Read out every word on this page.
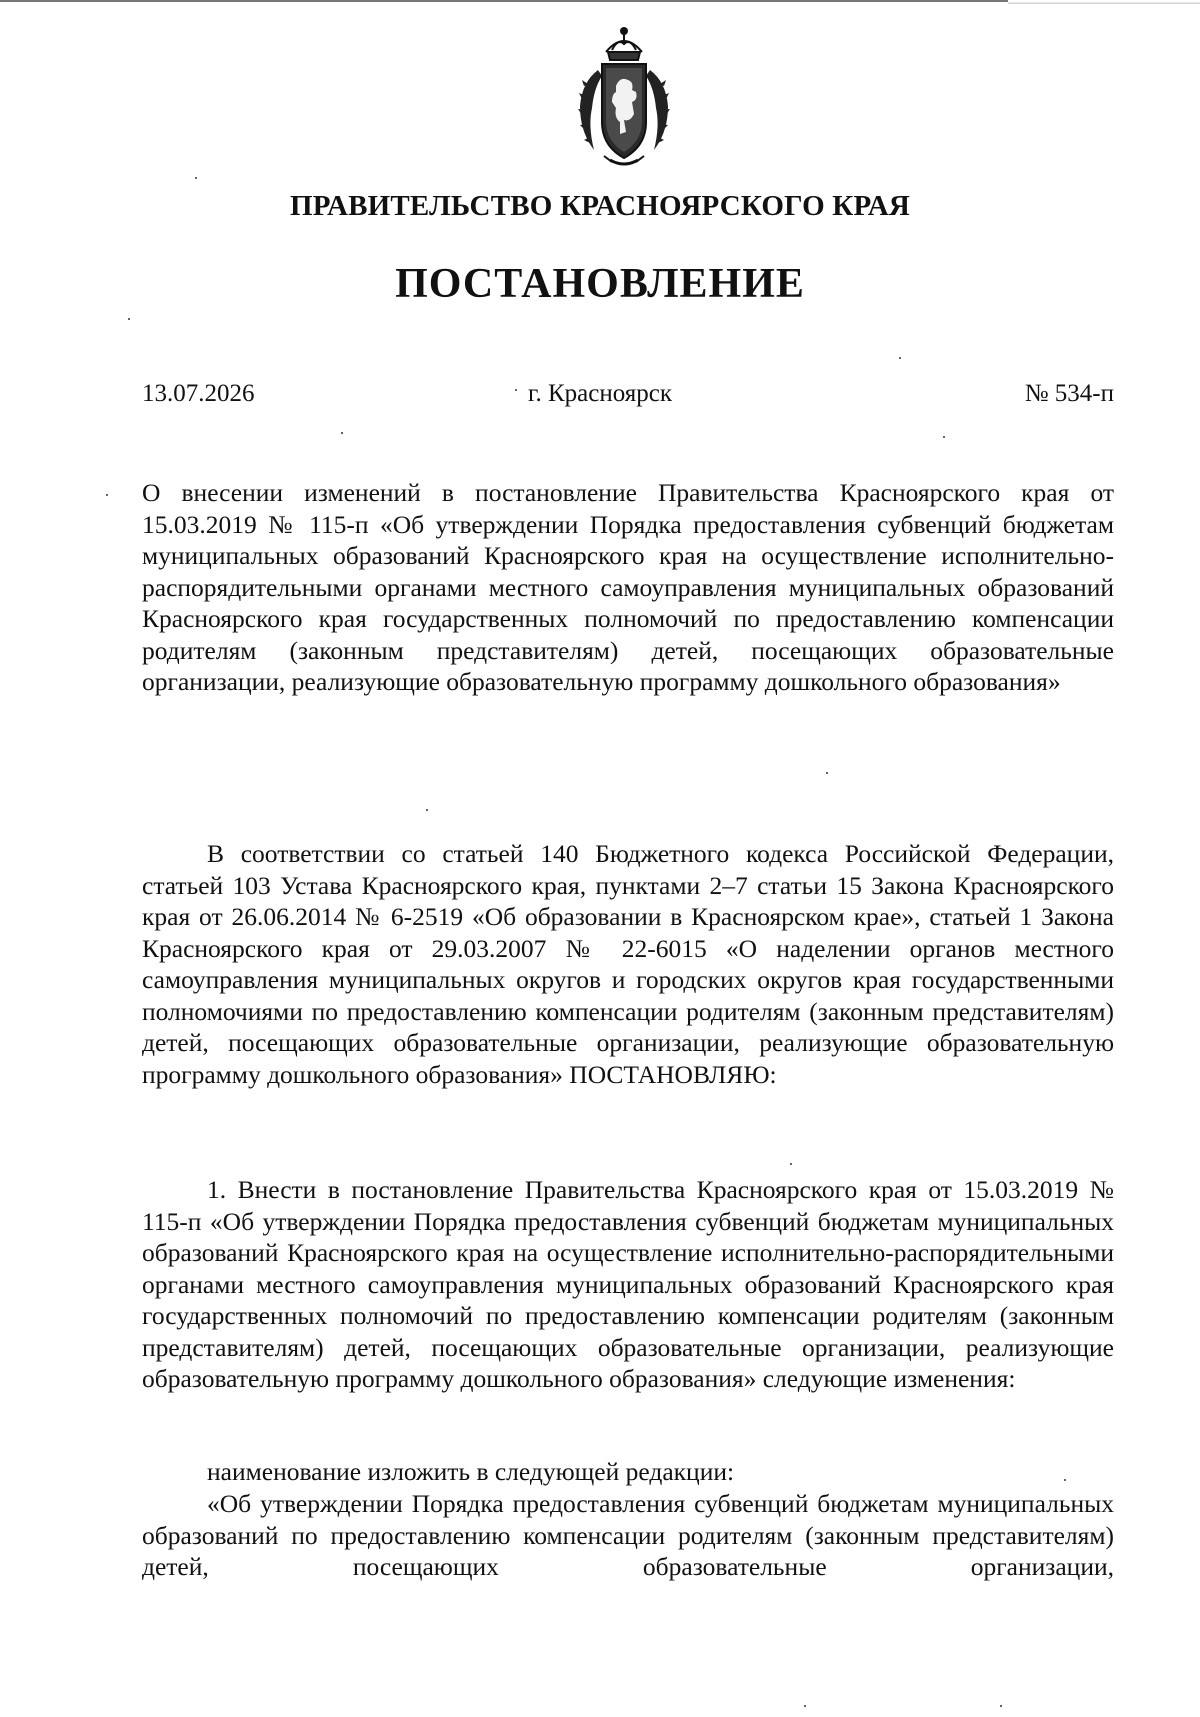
ПРАВИТЕЛЬСТВО КРАСНОЯРСКОГО КРАЯ
ПОСТАНОВЛЕНИЕ
13.07.2026	г. Красноярск	№ 534-п

О внесении изменений в постановление Правительства Красноярского края от 15.03.2019 № 115-п «Об утверждении Порядка предоставления субвенций бюджетам муниципальных образований Красноярского края на осуществление исполнительно-распорядительными органами местного самоуправления муниципальных образований Красноярского края государственных полномочий по предоставлению компенсации родителям (законным представителям) детей, посещающих образовательные организации, реализующие образовательную программу дошкольного образования»

В соответствии со статьей 140 Бюджетного кодекса Российской Федерации, статьей 103 Устава Красноярского края, пунктами 2–7 статьи 15 Закона Красноярского края от 26.06.2014 № 6-2519 «Об образовании в Красноярском крае», статьей 1 Закона Красноярского края от 29.03.2007 № 22-6015 «О наделении органов местного самоуправления муниципальных округов и городских округов края государственными полномочиями по предоставлению компенсации родителям (законным представителям) детей, посещающих образовательные организации, реализующие образовательную программу дошкольного образования» ПОСТАНОВЛЯЮ:

1. Внести в постановление Правительства Красноярского края от 15.03.2019 № 115-п «Об утверждении Порядка предоставления субвенций бюджетам муниципальных образований Красноярского края на осуществление исполнительно-распорядительными органами местного самоуправления муниципальных образований Красноярского края государственных полномочий по предоставлению компенсации родителям (законным представителям) детей, посещающих образовательные организации, реализующие образовательную программу дошкольного образования» следующие изменения:

наименование изложить в следующей редакции:

«Об утверждении Порядка предоставления субвенций бюджетам муниципальных образований по предоставлению компенсации родителям (законным представителям) детей, посещающих образовательные организации,
